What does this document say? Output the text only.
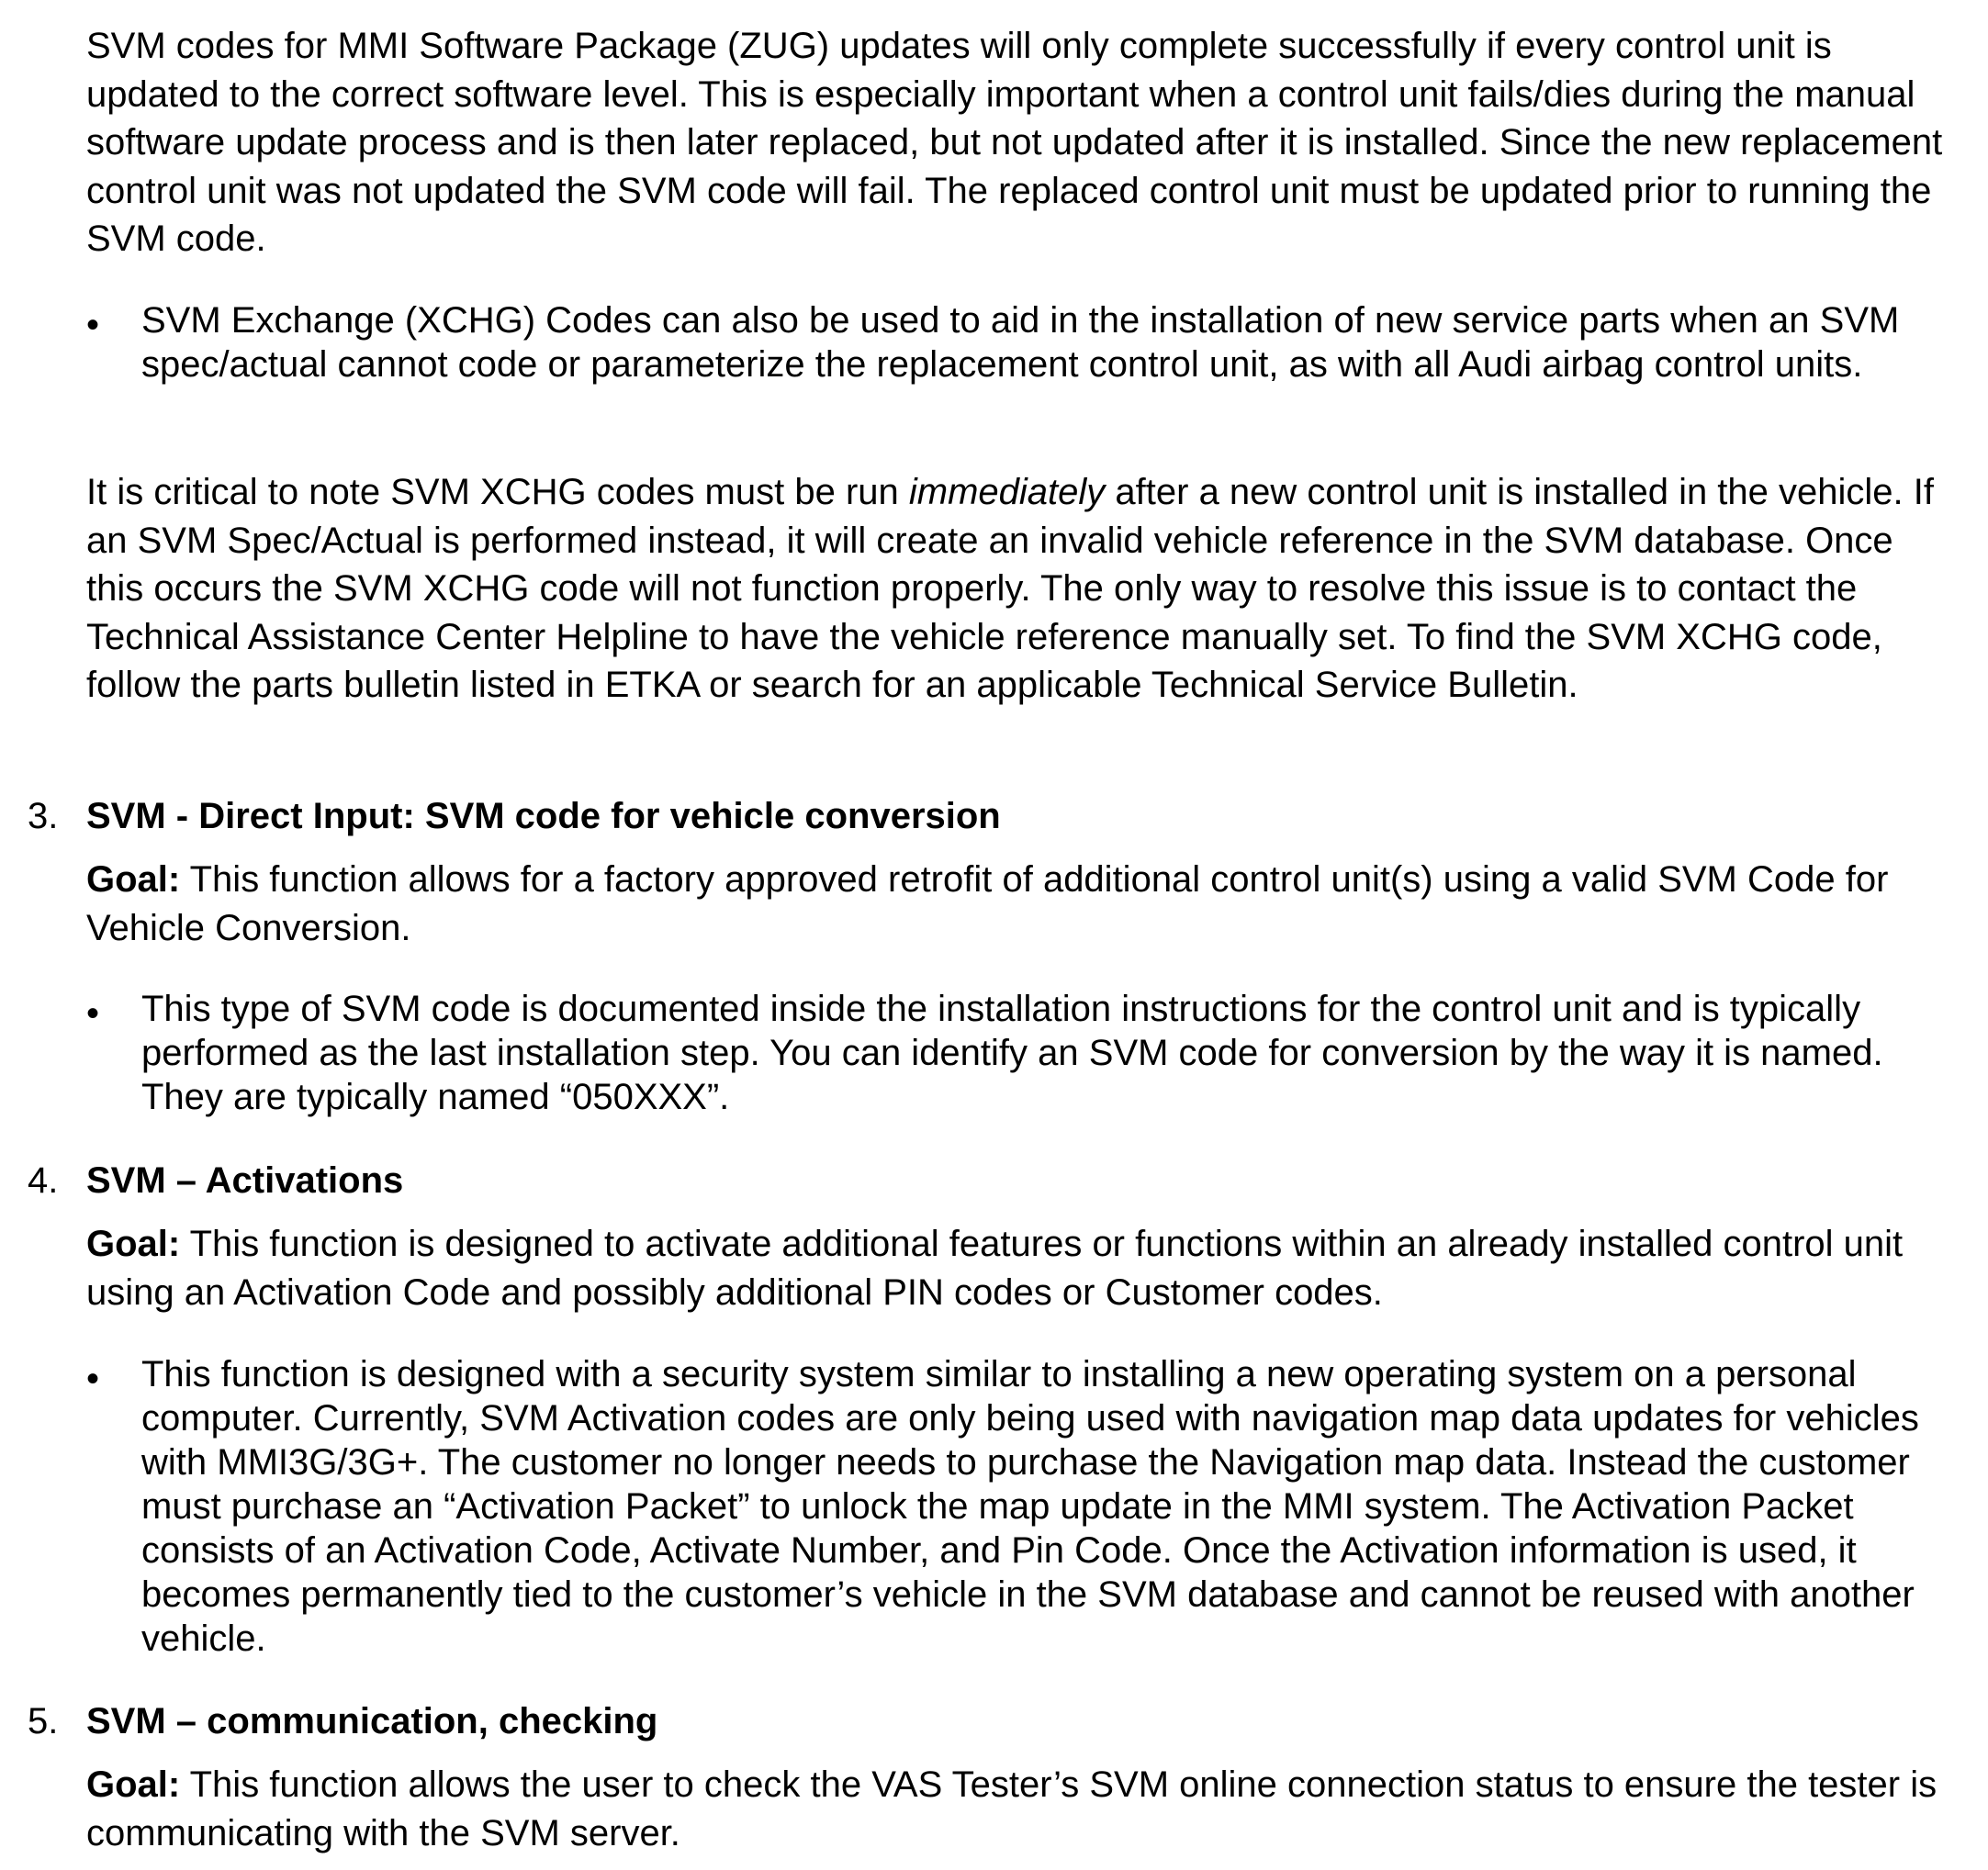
SVM codes for MMI Software Package (ZUG) updates will only complete successfully if every control unit is updated to the correct software level. This is especially important when a control unit fails/dies during the manual software update process and is then later replaced, but not updated after it is installed. Since the new replacement control unit was not updated the SVM code will fail. The replaced control unit must be updated prior to running the SVM code.

• SVM Exchange (XCHG) Codes can also be used to aid in the installation of new service parts when an SVM spec/actual cannot code or parameterize the replacement control unit, as with all Audi airbag control units.

It is critical to note SVM XCHG codes must be run immediately after a new control unit is installed in the vehicle. If an SVM Spec/Actual is performed instead, it will create an invalid vehicle reference in the SVM database. Once this occurs the SVM XCHG code will not function properly. The only way to resolve this issue is to contact the Technical Assistance Center Helpline to have the vehicle reference manually set. To find the SVM XCHG code, follow the parts bulletin listed in ETKA or search for an applicable Technical Service Bulletin.

3. SVM - Direct Input: SVM code for vehicle conversion

Goal: This function allows for a factory approved retrofit of additional control unit(s) using a valid SVM Code for Vehicle Conversion.

• This type of SVM code is documented inside the installation instructions for the control unit and is typically performed as the last installation step. You can identify an SVM code for conversion by the way it is named. They are typically named “050XXX”.

4. SVM – Activations

Goal: This function is designed to activate additional features or functions within an already installed control unit using an Activation Code and possibly additional PIN codes or Customer codes.

• This function is designed with a security system similar to installing a new operating system on a personal computer. Currently, SVM Activation codes are only being used with navigation map data updates for vehicles with MMI3G/3G+. The customer no longer needs to purchase the Navigation map data. Instead the customer must purchase an “Activation Packet” to unlock the map update in the MMI system. The Activation Packet consists of an Activation Code, Activate Number, and Pin Code. Once the Activation information is used, it becomes permanently tied to the customer’s vehicle in the SVM database and cannot be reused with another vehicle.

5. SVM – communication, checking

Goal: This function allows the user to check the VAS Tester’s SVM online connection status to ensure the tester is communicating with the SVM server.
